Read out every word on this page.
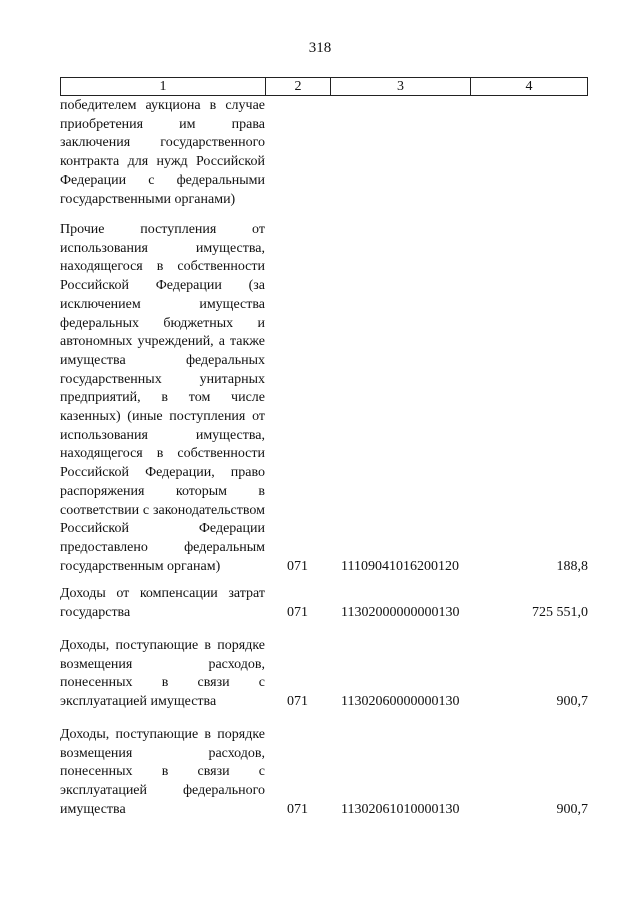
318
1	2	3	4
победителем аукциона в случае приобретения им права заключения государственного контракта для нужд Российской Федерации с федеральными государственными органами)
Прочие поступления от использования имущества, находящегося в собственности Российской Федерации (за исключением имущества федеральных бюджетных и автономных учреждений, а также имущества федеральных государственных унитарных предприятий, в том числе казенных) (иные поступления от использования имущества, находящегося в собственности Российской Федерации, право распоряжения которым в соответствии с законодательством Российской Федерации предоставлено федеральным государственным органам)	071 11109041016200120	188,8
Доходы от компенсации затрат государства	071 11302000000000130	725 551,0
Доходы, поступающие в порядке возмещения расходов, понесенных в связи с эксплуатацией имущества	071 11302060000000130	900,7
Доходы, поступающие в порядке возмещения расходов, понесенных в связи с эксплуатацией федерального имущества	071 11302061010000130	900,7
